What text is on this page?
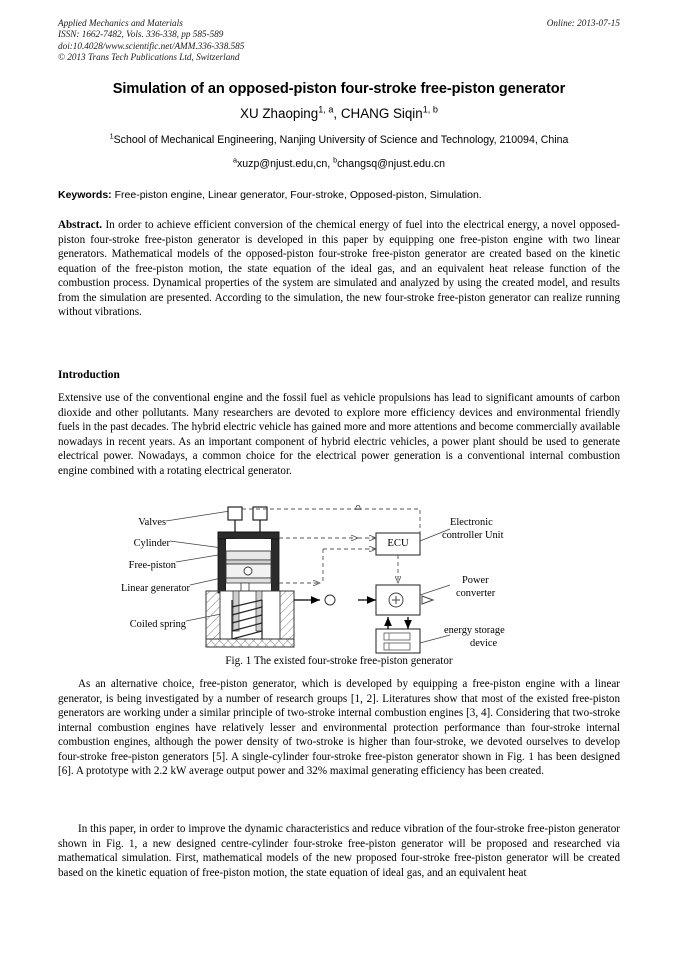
Applied Mechanics and Materials	Online: 2013-07-15
ISSN: 1662-7482, Vols. 336-338, pp 585-589
doi:10.4028/www.scientific.net/AMM.336-338.585
© 2013 Trans Tech Publications Ltd, Switzerland
Simulation of an opposed-piston four-stroke free-piston generator
XU Zhaoping$^{1, a}$, CHANG Siqin$^{1, b}$
$^1$School of Mechanical Engineering, Nanjing University of Science and Technology, 210094, China
$^a$xuzp@njust.edu,cn, $^b$changsq@njust.edu.cn
Keywords: Free-piston engine, Linear generator, Four-stroke, Opposed-piston, Simulation.
Abstract. In order to achieve efficient conversion of the chemical energy of fuel into the electrical energy, a novel opposed-piston four-stroke free-piston generator is developed in this paper by equipping one free-piston engine with two linear generators. Mathematical models of the opposed-piston four-stroke free-piston generator are created based on the kinetic equation of the free-piston motion, the state equation of the ideal gas, and an equivalent heat release function of the combustion process. Dynamical properties of the system are simulated and analyzed by using the created model, and results from the simulation are presented. According to the simulation, the new four-stroke free-piston generator can realize running without vibrations.
Introduction
Extensive use of the conventional engine and the fossil fuel as vehicle propulsions has lead to significant amounts of carbon dioxide and other pollutants. Many researchers are devoted to explore more efficiency devices and environmental friendly fuels in the past decades. The hybrid electric vehicle has gained more and more attentions and become commercially available nowadays in recent years. As an important component of hybrid electric vehicles, a power plant should be used to generate electrical power. Nowadays, a common choice for the electrical power generation is a conventional internal combustion engine combined with a rotating electrical generator.
Valves
Cylinder
Free-piston
Linear generator
Coiled spring
ECU
Electronic
controller Unit
Power
converter
energy storage
device
Fig. 1 The existed four-stroke free-piston generator
As an alternative choice, free-piston generator, which is developed by equipping a free-piston engine with a linear generator, is being investigated by a number of research groups [1, 2]. Literatures show that most of the existed free-piston generators are working under a similar principle of two-stroke internal combustion engines [3, 4]. Considering that two-stroke internal combustion engines have relatively lesser and environmental protection performance than four-stroke internal combustion engines, although the power density of two-stroke is higher than four-stroke, we devoted ourselves to develop four-stroke free-piston generators [5]. A single-cylinder four-stroke free-piston generator shown in Fig. 1 has been designed [6]. A prototype with 2.2 kW average output power and 32% maximal generating efficiency has been created.
In this paper, in order to improve the dynamic characteristics and reduce vibration of the four-stroke free-piston generator shown in Fig. 1, a new designed centre-cylinder four-stroke free-piston generator will be proposed and researched via mathematical simulation. First, mathematical models of the new proposed four-stroke free-piston generator will be created based on the kinetic equation of free-piston motion, the state equation of ideal gas, and an equivalent heat
